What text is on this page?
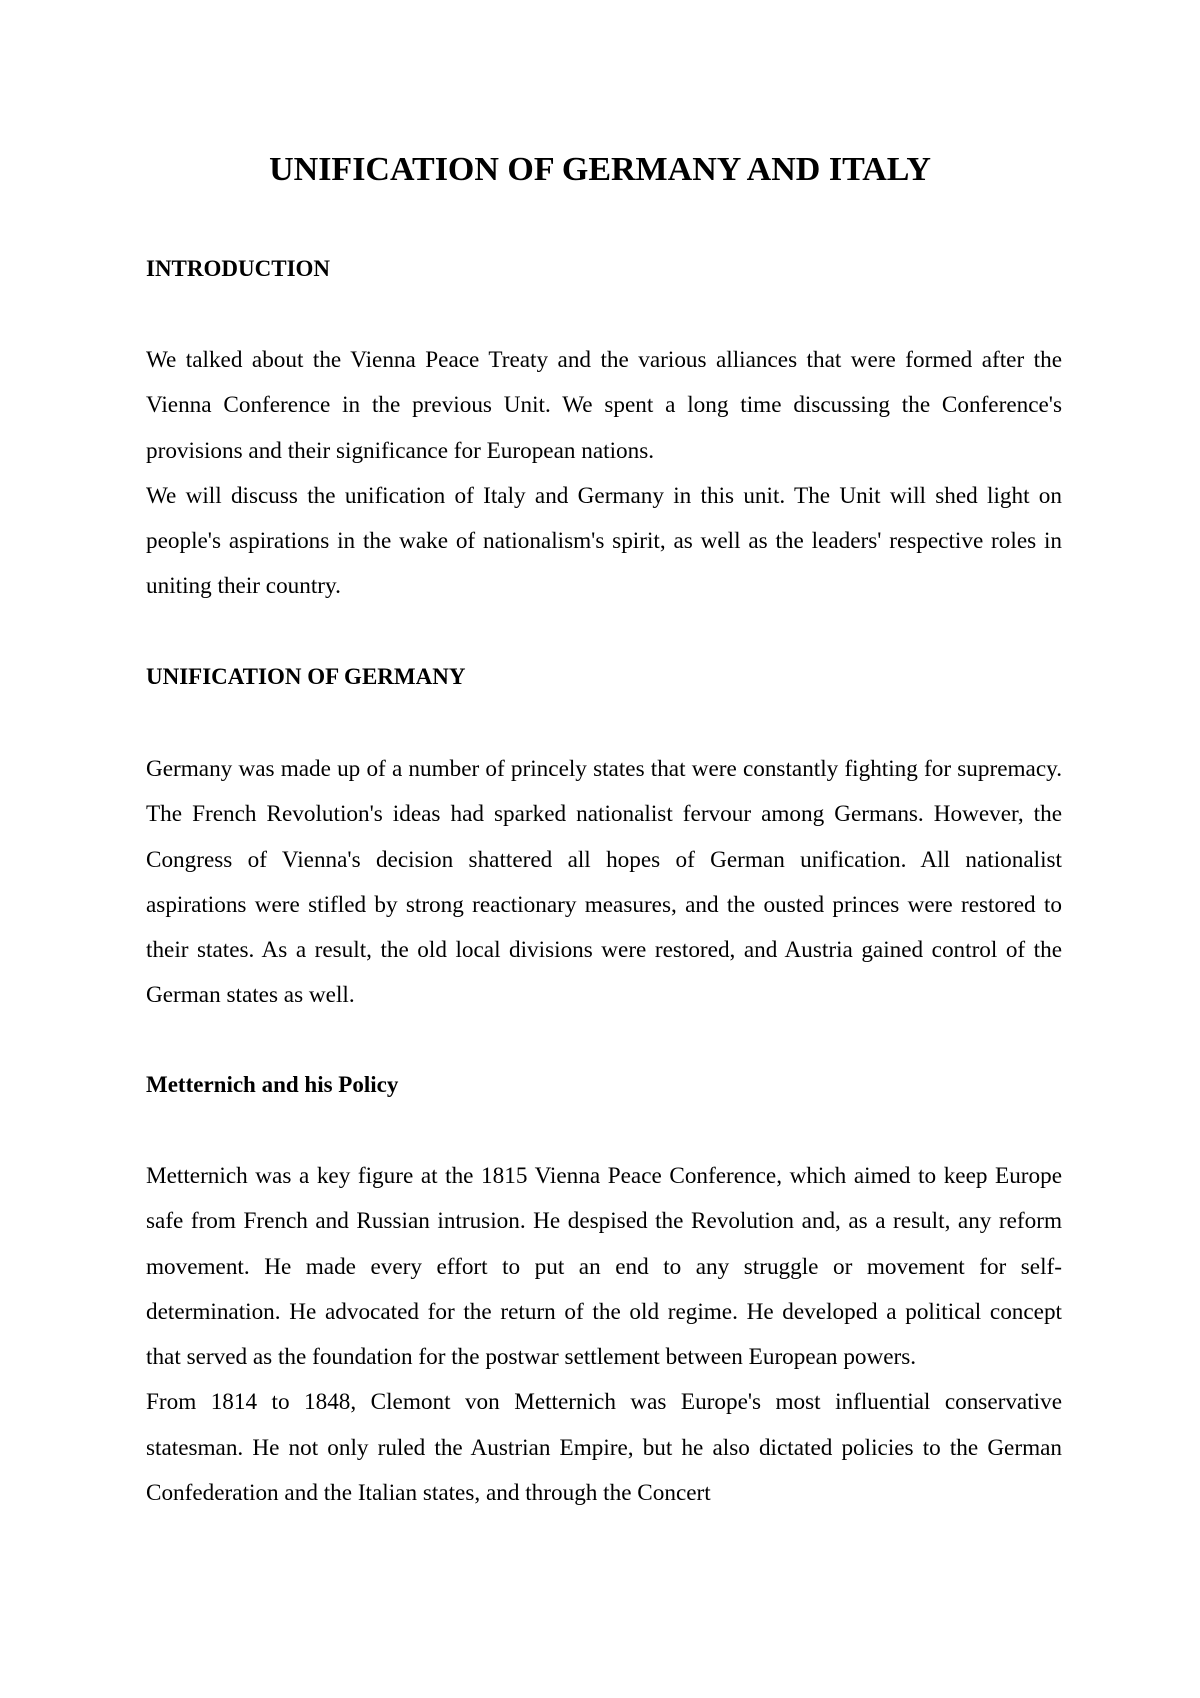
UNIFICATION OF GERMANY AND ITALY
INTRODUCTION

We talked about the Vienna Peace Treaty and the various alliances that were formed after the Vienna Conference in the previous Unit. We spent a long time discussing the Conference's provisions and their significance for European nations.

We will discuss the unification of Italy and Germany in this unit. The Unit will shed light on people's aspirations in the wake of nationalism's spirit, as well as the leaders' respective roles in uniting their country.

UNIFICATION OF GERMANY

Germany was made up of a number of princely states that were constantly fighting for supremacy. The French Revolution's ideas had sparked nationalist fervour among Germans. However, the Congress of Vienna's decision shattered all hopes of German unification. All nationalist aspirations were stifled by strong reactionary measures, and the ousted princes were restored to their states. As a result, the old local divisions were restored, and Austria gained control of the German states as well.

Metternich and his Policy

Metternich was a key figure at the 1815 Vienna Peace Conference, which aimed to keep Europe safe from French and Russian intrusion. He despised the Revolution and, as a result, any reform movement. He made every effort to put an end to any struggle or movement for self-determination. He advocated for the return of the old regime. He developed a political concept that served as the foundation for the postwar settlement between European powers.

From 1814 to 1848, Clemont von Metternich was Europe's most influential conservative statesman. He not only ruled the Austrian Empire, but he also dictated policies to the German Confederation and the Italian states, and through the Concert
